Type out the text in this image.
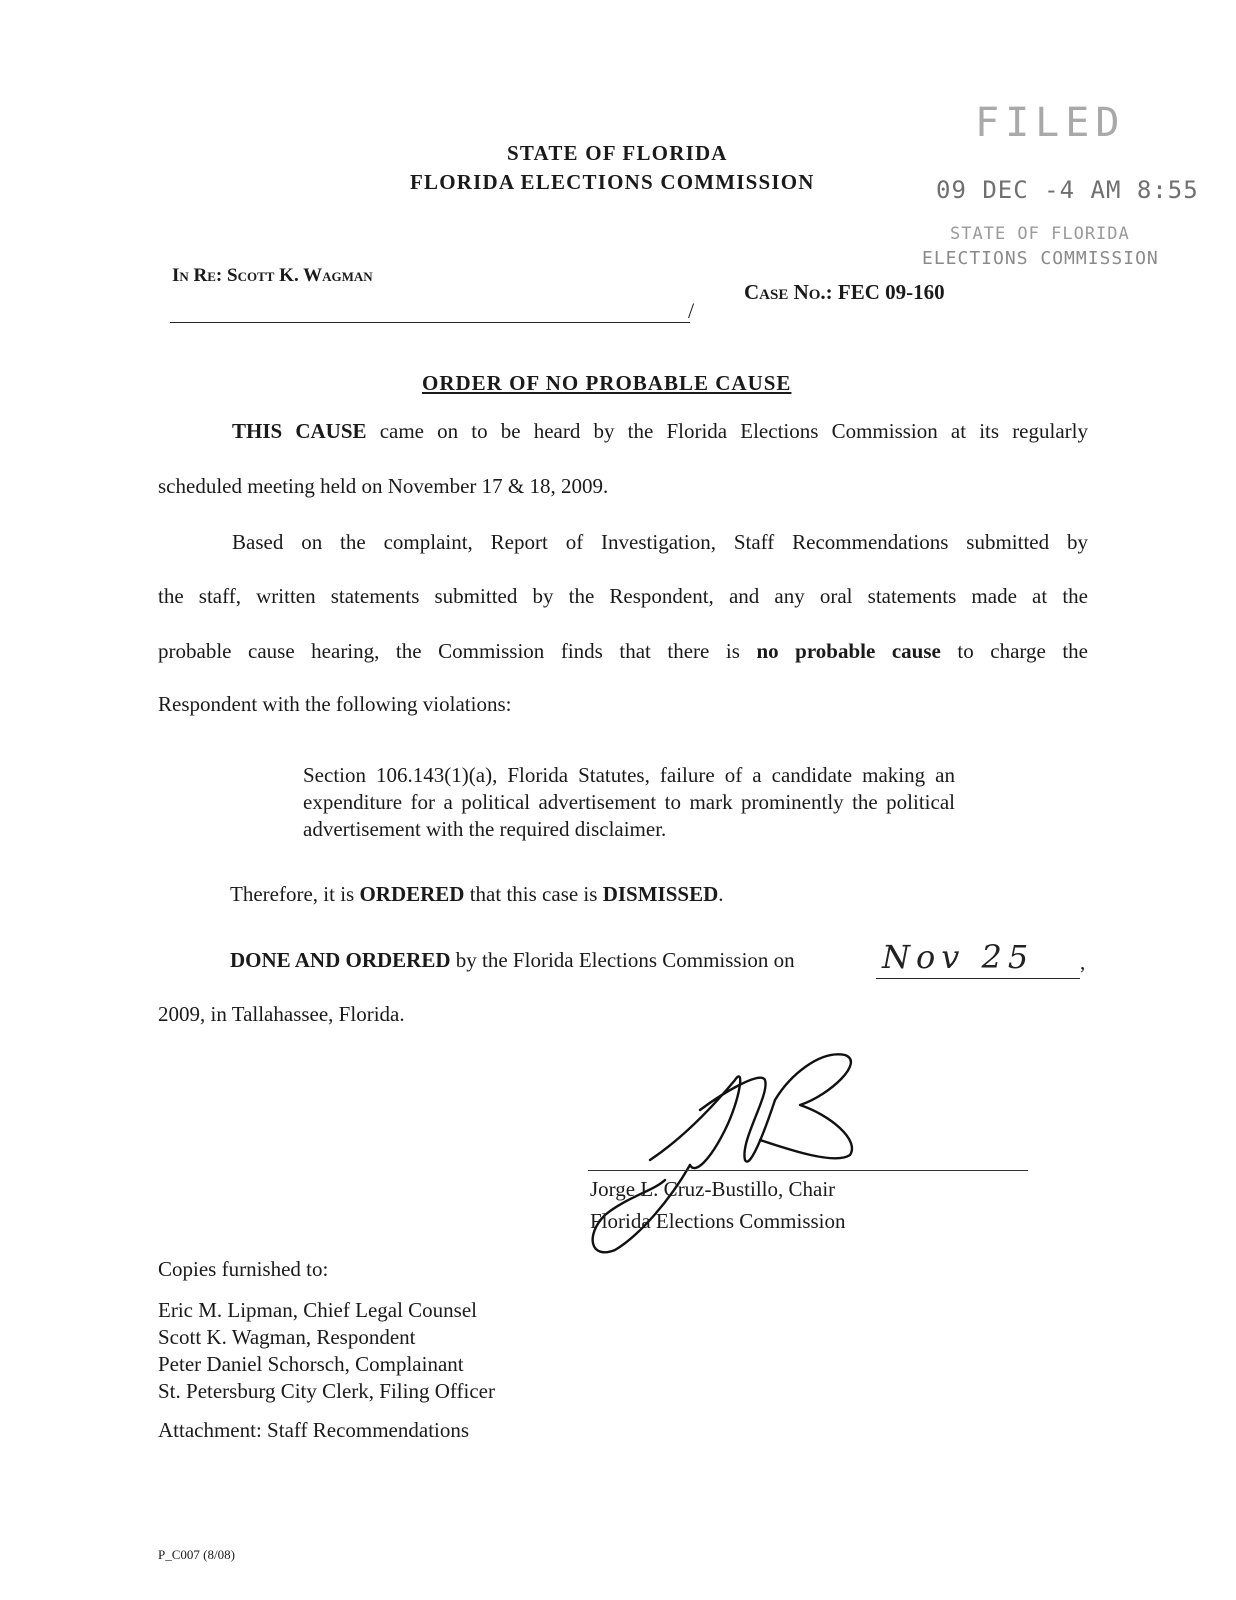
STATE OF FLORIDA
FLORIDA ELECTIONS COMMISSION
FILED
09 DEC -4 AM 8:55
STATE OF FLORIDA
ELECTIONS COMMISSION
In Re: Scott K. Wagman
/
Case No.: FEC 09-160
ORDER OF NO PROBABLE CAUSE
THIS CAUSE came on to be heard by the Florida Elections Commission at its regularly
scheduled meeting held on November 17 & 18, 2009.
Based on the complaint, Report of Investigation, Staff Recommendations submitted by
the staff, written statements submitted by the Respondent, and any oral statements made at the
probable cause hearing, the Commission finds that there is no probable cause to charge the
Respondent with the following violations:
Section 106.143(1)(a), Florida Statutes, failure of a candidate making an expenditure for a political advertisement to mark prominently the political advertisement with the required disclaimer.
Therefore, it is ORDERED that this case is DISMISSED.
DONE AND ORDERED by the Florida Elections Commission on	,
Nov 25
2009, in Tallahassee, Florida.
Jorge L. Cruz-Bustillo, Chair
Florida Elections Commission
Copies furnished to:
Eric M. Lipman, Chief Legal Counsel
Scott K. Wagman, Respondent
Peter Daniel Schorsch, Complainant
St. Petersburg City Clerk, Filing Officer
Attachment: Staff Recommendations
P_C007 (8/08)
